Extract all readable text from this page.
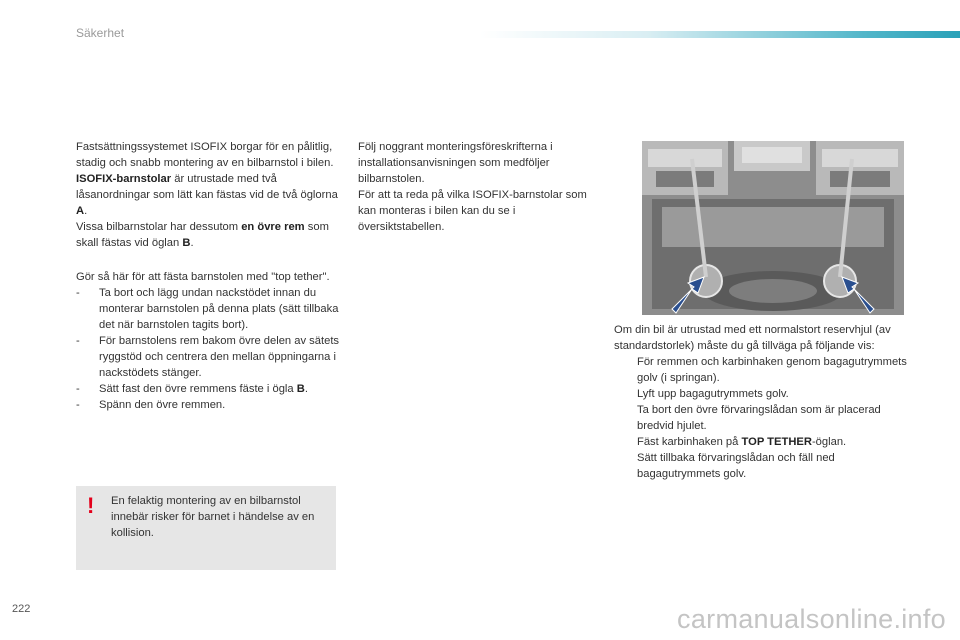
Säkerhet

Fastsättningssystemet ISOFIX borgar för en pålitlig, stadig och snabb montering av en bilbarnstol i bilen.

ISOFIX-barnstolar är utrustade med två låsanordningar som lätt kan fästas vid de två öglorna A.

Vissa bilbarnstolar har dessutom en övre rem som skall fästas vid öglan B.

Gör så här för att fästa barnstolen med "top tether".

- Ta bort och lägg undan nackstödet innan du monterar barnstolen på denna plats (sätt tillbaka det när barnstolen tagits bort).
- För barnstolens rem bakom övre delen av sätets ryggstöd och centrera den mellan öppningarna i nackstödets stänger.
- Sätt fast den övre remmens fäste i ögla B.
- Spänn den övre remmen.
! En felaktig montering av en bilbarnstol innebär risker för barnet i händelse av en kollision.

Följ noggrant monteringsföreskrifterna i installationsanvisningen som medföljer bilbarnstolen.

För att ta reda på vilka ISOFIX-barnstolar som kan monteras i bilen kan du se i översiktstabellen.

Om din bil är utrustad med ett normalstort reservhjul (av standardstorlek) måste du gå tillväga på följande vis:

För remmen och karbinhaken genom bagagutrymmets golv (i springan).
Lyft upp bagagutrymmets golv.
Ta bort den övre förvaringslådan som är placerad bredvid hjulet.
Fäst karbinhaken på TOP TETHER-öglan.
Sätt tillbaka förvaringslådan och fäll ned bagagutrymmets golv.
222	carmanualsonline.info
